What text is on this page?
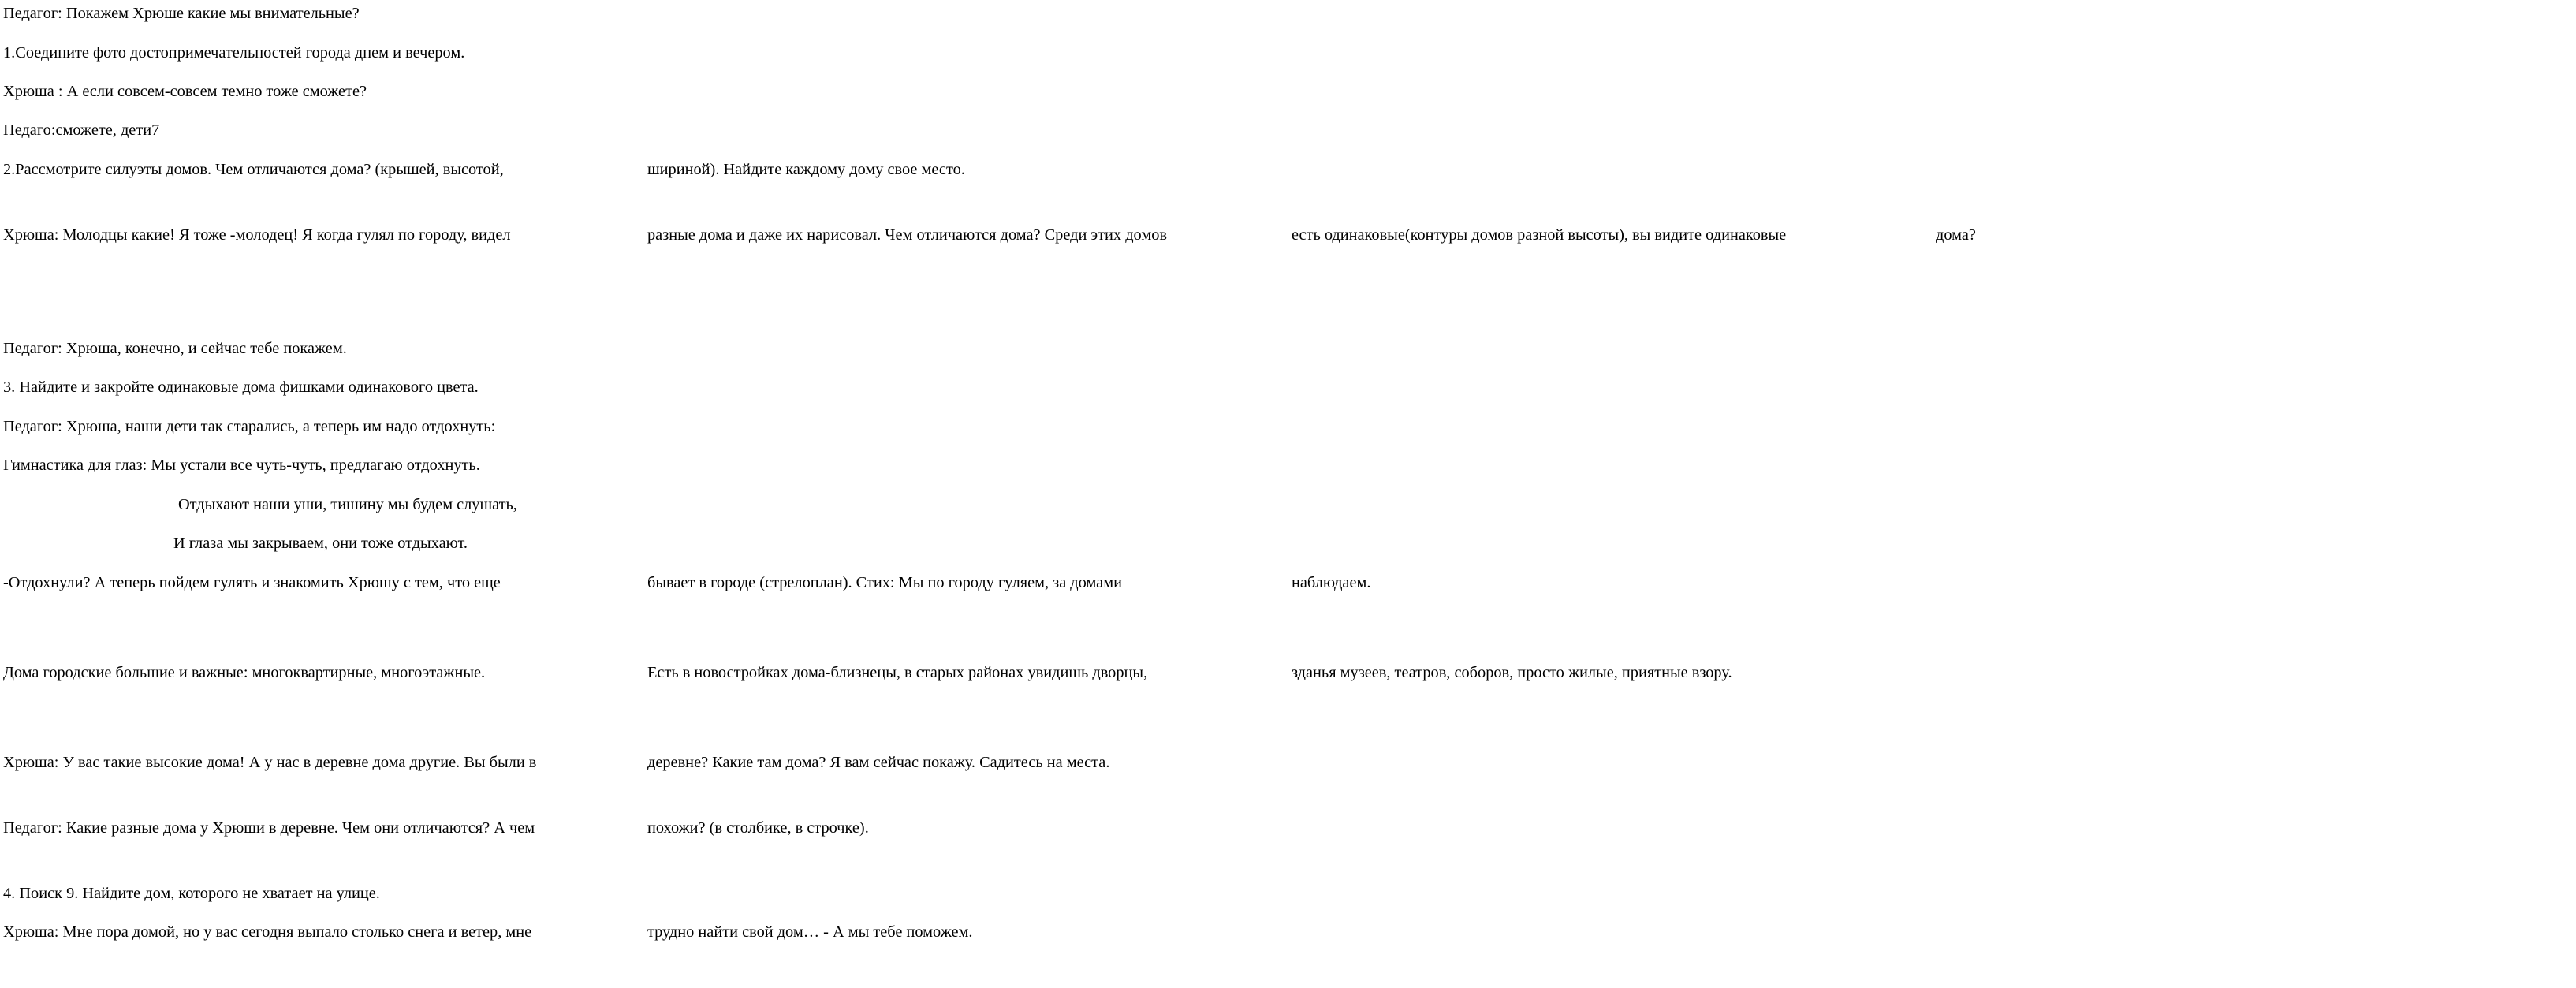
Педагог: Покажем Хрюше какие мы внимательные?

1.Соедините фото достопримечательностей города днем и вечером.

Хрюша : А если совсем-совсем темно тоже сможете?

Педаго:сможете, дети7

2.Рассмотрите силуэты домов. Чем отличаются дома? (крышей, высотой,	шириной). Найдите каждому дому свое место.

Хрюша: Молодцы какие! Я тоже -молодец! Я когда гулял по городу, видел	разные дома и даже их нарисовал. Чем отличаются дома? Среди этих домов	есть одинаковые(контуры домов разной высоты), вы видите одинаковые	дома?

Педагог: Хрюша, конечно, и сейчас тебе покажем.

3. Найдите и закройте одинаковые дома фишками одинакового цвета.

Педагог: Хрюша, наши дети так старались, а теперь им надо отдохнуть:

Гимнастика для глаз: Мы устали все чуть-чуть, предлагаю отдохнуть.

Отдыхают наши уши, тишину мы будем слушать,

И глаза мы закрываем, они тоже отдыхают.

-Отдохнули? А теперь пойдем гулять и знакомить Хрюшу с тем, что еще	бывает в городе (стрелоплан). Стих: Мы по городу гуляем, за домами	наблюдаем.

Дома городские большие и важные: многоквартирные, многоэтажные.	Есть в новостройках дома-близнецы, в старых районах увидишь дворцы,	зданья музеев, театров, соборов, просто жилые, приятные взору.

Хрюша: У вас такие высокие дома! А у нас в деревне дома другие. Вы были в	деревне? Какие там дома? Я вам сейчас покажу. Садитесь на места.

Педагог: Какие разные дома у Хрюши в деревне. Чем они отличаются? А чем	похожи? (в столбике, в строчке).

4. Поиск 9. Найдите дом, которого не хватает на улице.

Хрюша: Мне пора домой, но у вас сегодня выпало столько снега и ветер, мне	трудно найти свой дом… - А мы тебе поможем.
